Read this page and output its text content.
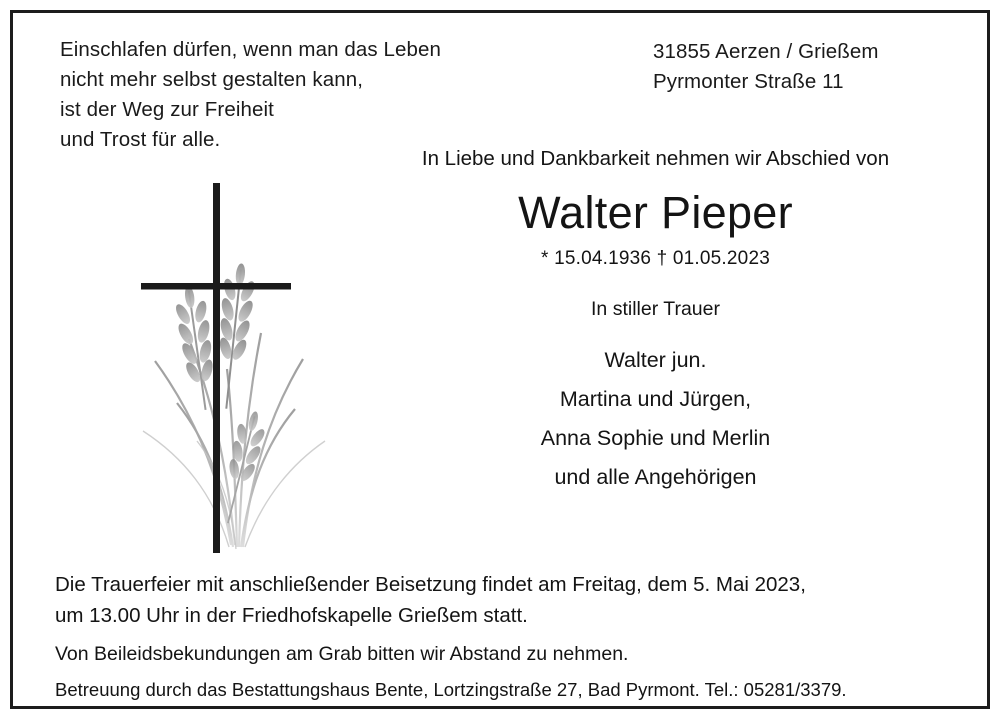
Einschlafen dürfen, wenn man das Leben
nicht mehr selbst gestalten kann,
ist der Weg zur Freiheit
und Trost für alle.
31855 Aerzen / Grießem
Pyrmonter Straße 11
In Liebe und Dankbarkeit nehmen wir Abschied von
Walter Pieper
* 15.04.1936 † 01.05.2023
In stiller Trauer
Walter jun.
Martina und Jürgen,
Anna Sophie und Merlin
und alle Angehörigen
Die Trauerfeier mit anschließender Beisetzung findet am Freitag, dem 5. Mai 2023,
um 13.00 Uhr in der Friedhofskapelle Grießem statt.
Von Beileidsbekundungen am Grab bitten wir Abstand zu nehmen.
Betreuung durch das Bestattungshaus Bente, Lortzingstraße 27, Bad Pyrmont. Tel.: 05281/3379.
